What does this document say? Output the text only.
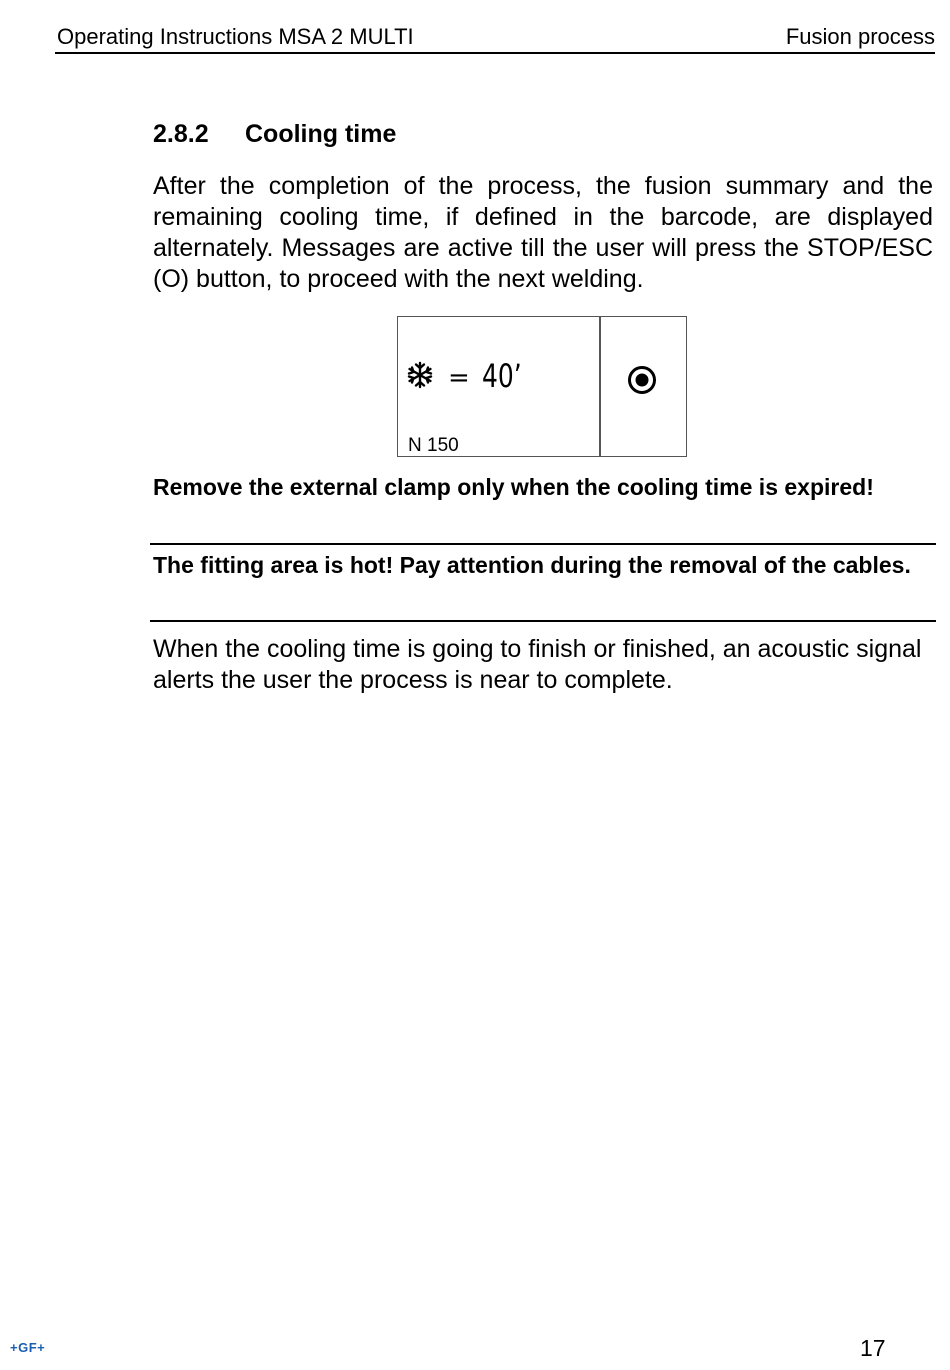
Operating Instructions MSA 2 MULTI	Fusion process
2.8.2 Cooling time
After the completion of the process, the fusion summary and the remaining cooling time, if defined in the barcode, are displayed alternately. Messages are active till the user will press the STOP/ESC (O) button, to proceed with the next welding.
= 40’
N 150
Remove the external clamp only when the cooling time is expired!
The fitting area is hot! Pay attention during the removal of the cables.
When the cooling time is going to finish or finished, an acoustic signal alerts the user the process is near to complete.
+GF+	17
